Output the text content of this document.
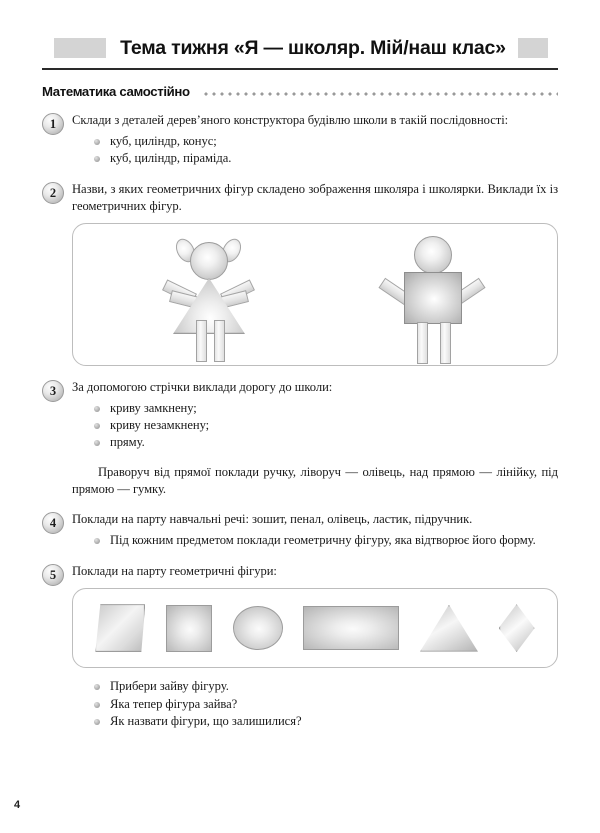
Тема тижня «Я — школяр. Мій/наш клас»
Математика самостійно
1	Склади з деталей дерев’яного конструктора будівлю школи в такій послідовності:
куб, циліндр, конус;
куб, циліндр, піраміда.
2	Назви, з яких геометричних фігур складено зображення школяра і школярки. Виклади їх із геометричних фігур.
3	За допомогою стрічки виклади дорогу до школи:
криву замкнену;
криву незамкнену;
пряму.

Праворуч від прямої поклади ручку, ліворуч — олівець, над прямою — лінійку, під прямою — гумку.

4	Поклади на парту навчальні речі: зошит, пенал, олівець, ластик, підручник.
Під кожним предметом поклади геометричну фігуру, яка відтворює його форму.
5	Поклади на парту геометричні фігури:
Прибери зайву фігуру.
Яка тепер фігура зайва?
Як назвати фігури, що залишилися?
4
